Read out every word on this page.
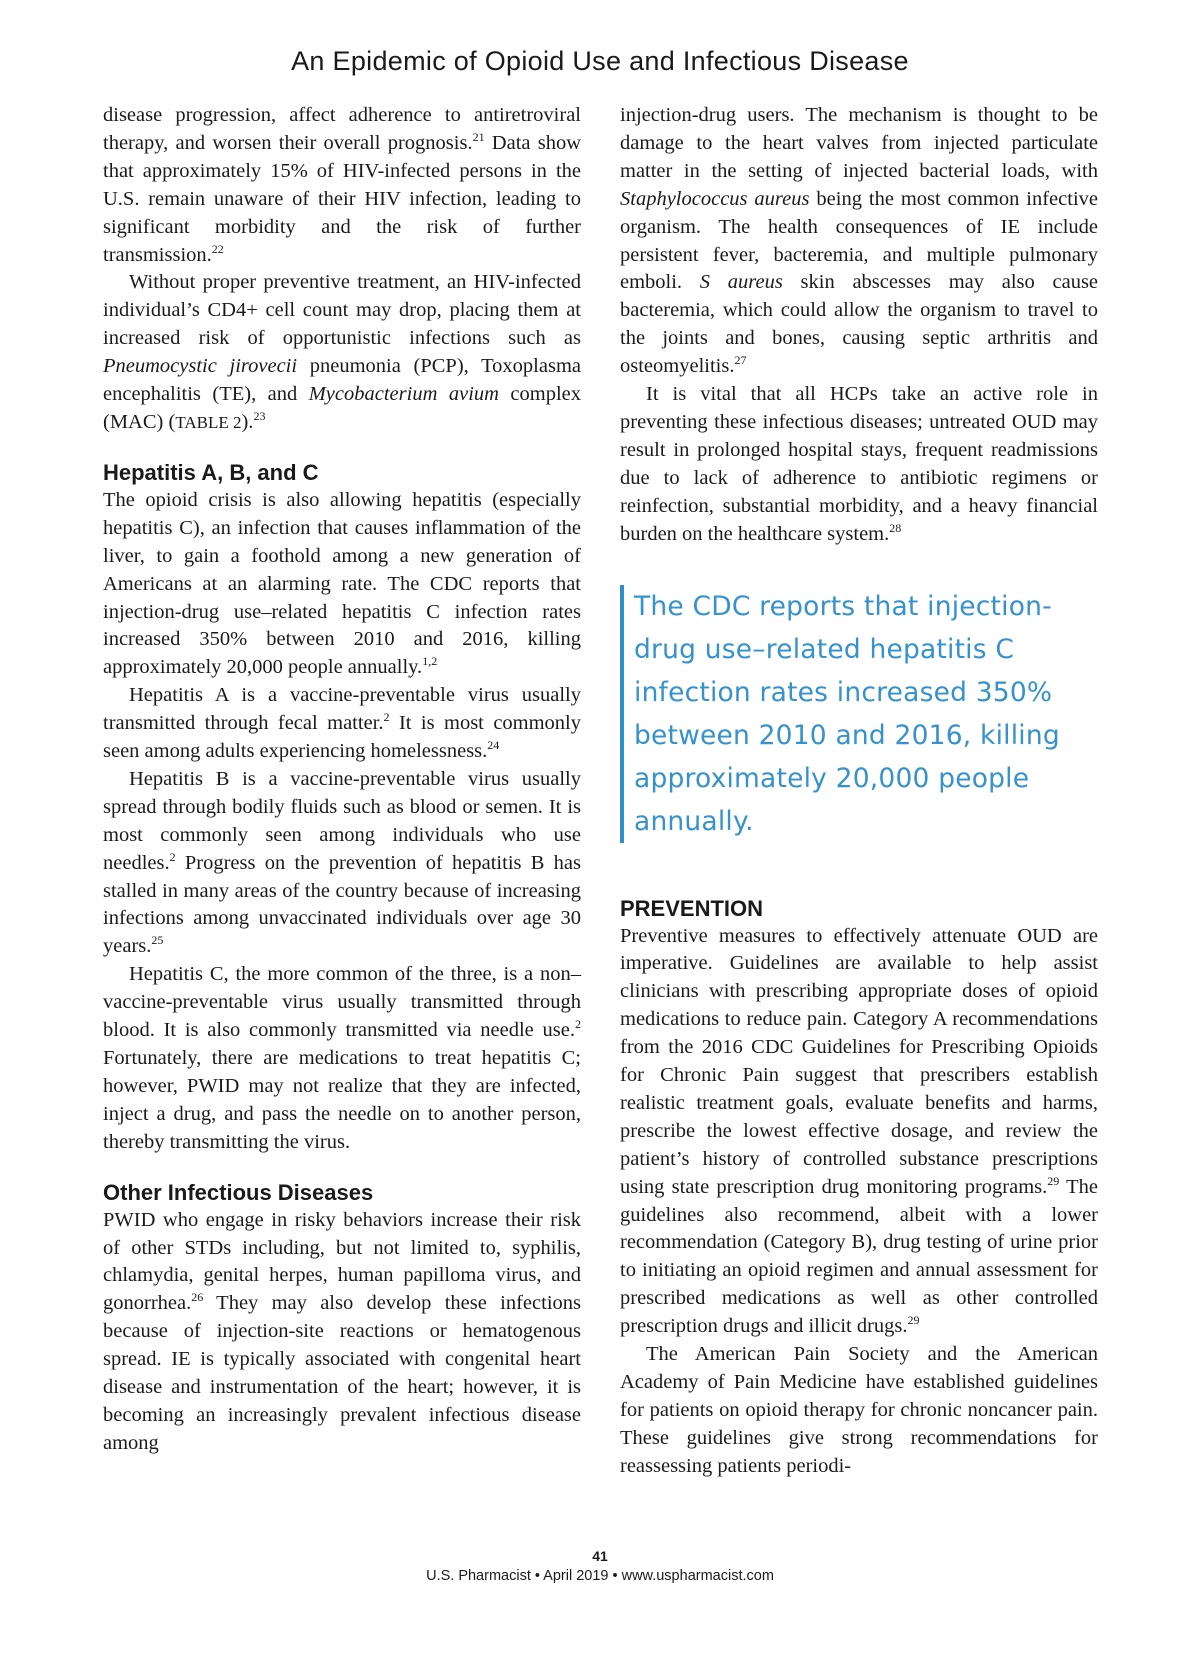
An Epidemic of Opioid Use and Infectious Disease

disease progression, affect adherence to antiretroviral therapy, and worsen their overall prognosis.$^{21}$ Data show that approximately 15% of HIV-infected persons in the U.S. remain unaware of their HIV infection, leading to significant morbidity and the risk of further transmission.$^{22}$

Without proper preventive treatment, an HIV-infected individual’s CD4+ cell count may drop, placing them at increased risk of opportunistic infections such as Pneumocystic jirovecii pneumonia (PCP), Toxoplasma encephalitis (TE), and Mycobacterium avium complex (MAC) (TABLE 2).$^{23}$

Hepatitis A, B, and C

The opioid crisis is also allowing hepatitis (especially hepatitis C), an infection that causes inflammation of the liver, to gain a foothold among a new generation of Americans at an alarming rate. The CDC reports that injection-drug use–related hepatitis C infection rates increased 350% between 2010 and 2016, killing approximately 20,000 people annually.$^{1,2}$

Hepatitis A is a vaccine-preventable virus usually transmitted through fecal matter.$^2$ It is most commonly seen among adults experiencing homelessness.$^{24}$

Hepatitis B is a vaccine-preventable virus usually spread through bodily fluids such as blood or semen. It is most commonly seen among individuals who use needles.$^2$ Progress on the prevention of hepatitis B has stalled in many areas of the country because of increasing infections among unvaccinated individuals over age 30 years.$^{25}$

Hepatitis C, the more common of the three, is a non–vaccine-preventable virus usually transmitted through blood. It is also commonly transmitted via needle use.$^2$ Fortunately, there are medications to treat hepatitis C; however, PWID may not realize that they are infected, inject a drug, and pass the needle on to another person, thereby transmitting the virus.

Other Infectious Diseases

PWID who engage in risky behaviors increase their risk of other STDs including, but not limited to, syphilis, chlamydia, genital herpes, human papilloma virus, and gonorrhea.$^{26}$ They may also develop these infections because of injection-site reactions or hematogenous spread. IE is typically associated with congenital heart disease and instrumentation of the heart; however, it is becoming an increasingly prevalent infectious disease among

injection-drug users. The mechanism is thought to be damage to the heart valves from injected particulate matter in the setting of injected bacterial loads, with Staphylococcus aureus being the most common infective organism. The health consequences of IE include persistent fever, bacteremia, and multiple pulmonary emboli. S aureus skin abscesses may also cause bacteremia, which could allow the organism to travel to the joints and bones, causing septic arthritis and osteomyelitis.$^{27}$

It is vital that all HCPs take an active role in preventing these infectious diseases; untreated OUD may result in prolonged hospital stays, frequent readmissions due to lack of adherence to antibiotic regimens or reinfection, substantial morbidity, and a heavy financial burden on the healthcare system.$^{28}$

The CDC reports that injection-
drug use–related hepatitis C
infection rates increased 350%
between 2010 and 2016, killing
approximately 20,000 people
annually.
PREVENTION

Preventive measures to effectively attenuate OUD are imperative. Guidelines are available to help assist clinicians with prescribing appropriate doses of opioid medications to reduce pain. Category A recommendations from the 2016 CDC Guidelines for Prescribing Opioids for Chronic Pain suggest that prescribers establish realistic treatment goals, evaluate benefits and harms, prescribe the lowest effective dosage, and review the patient’s history of controlled substance prescriptions using state prescription drug monitoring programs.$^{29}$ The guidelines also recommend, albeit with a lower recommendation (Category B), drug testing of urine prior to initiating an opioid regimen and annual assessment for prescribed medications as well as other controlled prescription drugs and illicit drugs.$^{29}$

The American Pain Society and the American Academy of Pain Medicine have established guidelines for patients on opioid therapy for chronic noncancer pain. These guidelines give strong recommendations for reassessing patients periodi-

41
U.S. Pharmacist • April 2019 • www.uspharmacist.com
